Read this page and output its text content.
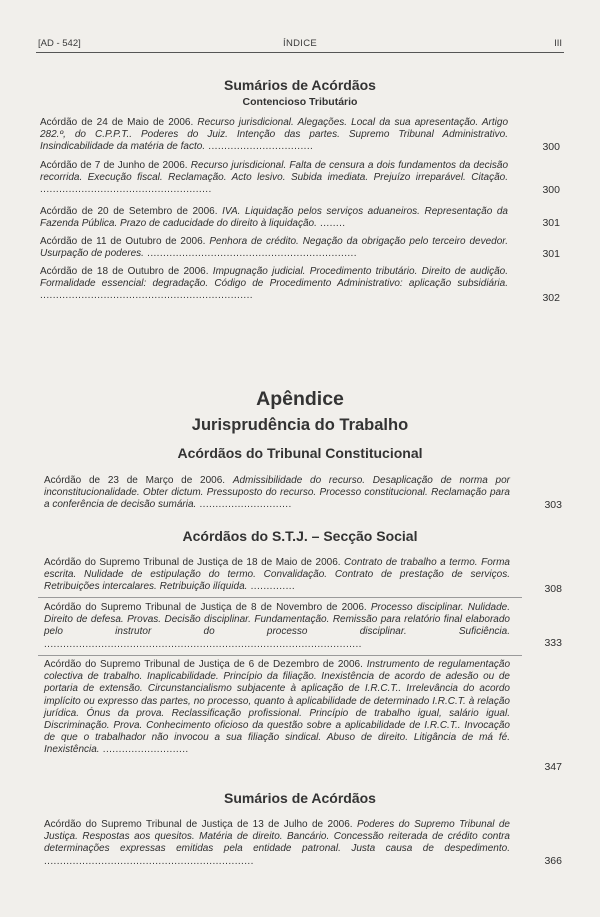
[AD - 542]	ÍNDICE	III
Sumários de Acórdãos
Contencioso Tributário
Acórdão de 24 de Maio de 2006. Recurso jurisdicional. Alegações. Local da sua apresentação. Artigo 282.º, do C.P.P.T.. Poderes do Juiz. Intenção das partes. Supremo Tribunal Administrativo. Insindicabilidade da matéria de facto. .................................	300
Acórdão de 7 de Junho de 2006. Recurso jurisdicional. Falta de censura a dois fundamentos da decisão recorrida. Execução fiscal. Reclamação. Acto lesivo. Subida imediata. Prejuízo irreparável. Citação. ......................................................	300
Acórdão de 20 de Setembro de 2006. IVA. Liquidação pelos serviços aduaneiros. Representação da Fazenda Pública. Prazo de caducidade do direito à liquidação. ........	301
Acórdão de 11 de Outubro de 2006. Penhora de crédito. Negação da obrigação pelo terceiro devedor. Usurpação de poderes. ..................................................................	301
Acórdão de 18 de Outubro de 2006. Impugnação judicial. Procedimento tributário. Direito de audição. Formalidade essencial: degradação. Código de Procedimento Administrativo: aplicação subsidiária. ...................................................................	302
Apêndice
Jurisprudência do Trabalho
Acórdãos do Tribunal Constitucional
Acórdão de 23 de Março de 2006. Admissibilidade do recurso. Desaplicação de norma por inconstitucionalidade. Obter dictum. Pressuposto do recurso. Processo constitucional. Reclamação para a conferência de decisão sumária. .............................	303
Acórdãos do S.T.J. – Secção Social
Acórdão do Supremo Tribunal de Justiça de 18 de Maio de 2006. Contrato de trabalho a termo. Forma escrita. Nulidade de estipulação do termo. Convalidação. Contrato de prestação de serviços. Retribuições intercalares. Retribuição ilíquida. ..............	308
Acórdão do Supremo Tribunal de Justiça de 8 de Novembro de 2006. Processo disciplinar. Nulidade. Direito de defesa. Provas. Decisão disciplinar. Fundamentação. Remissão para relatório final elaborado pelo instrutor do processo disciplinar. Suficiência. ....................................................................................................	333
Acórdão do Supremo Tribunal de Justiça de 6 de Dezembro de 2006. Instrumento de regulamentação colectiva de trabalho. Inaplicabilidade. Princípio da filiação. Inexistência de acordo de adesão ou de portaria de extensão. Circunstancialismo subjacente à aplicação de I.R.C.T.. Irrelevância do acordo implícito ou expresso das partes, no processo, quanto à aplicabilidade de determinado I.R.C.T. à relação jurídica. Ónus da prova. Reclassificação profissional. Princípio de trabalho igual, salário igual. Discriminação. Prova. Conhecimento oficioso da questão sobre a aplicabilidade de I.R.C.T.. Invocação de que o trabalhador não invocou a sua filiação sindical. Abuso de direito. Litigância de má fé. Inexistência. ...........................
347
Sumários de Acórdãos
Acórdão do Supremo Tribunal de Justiça de 13 de Julho de 2006. Poderes do Supremo Tribunal de Justiça. Respostas aos quesitos. Matéria de direito. Bancário. Concessão reiterada de crédito contra determinações expressas emitidas pela entidade patronal. Justa causa de despedimento. ..................................................................	366
